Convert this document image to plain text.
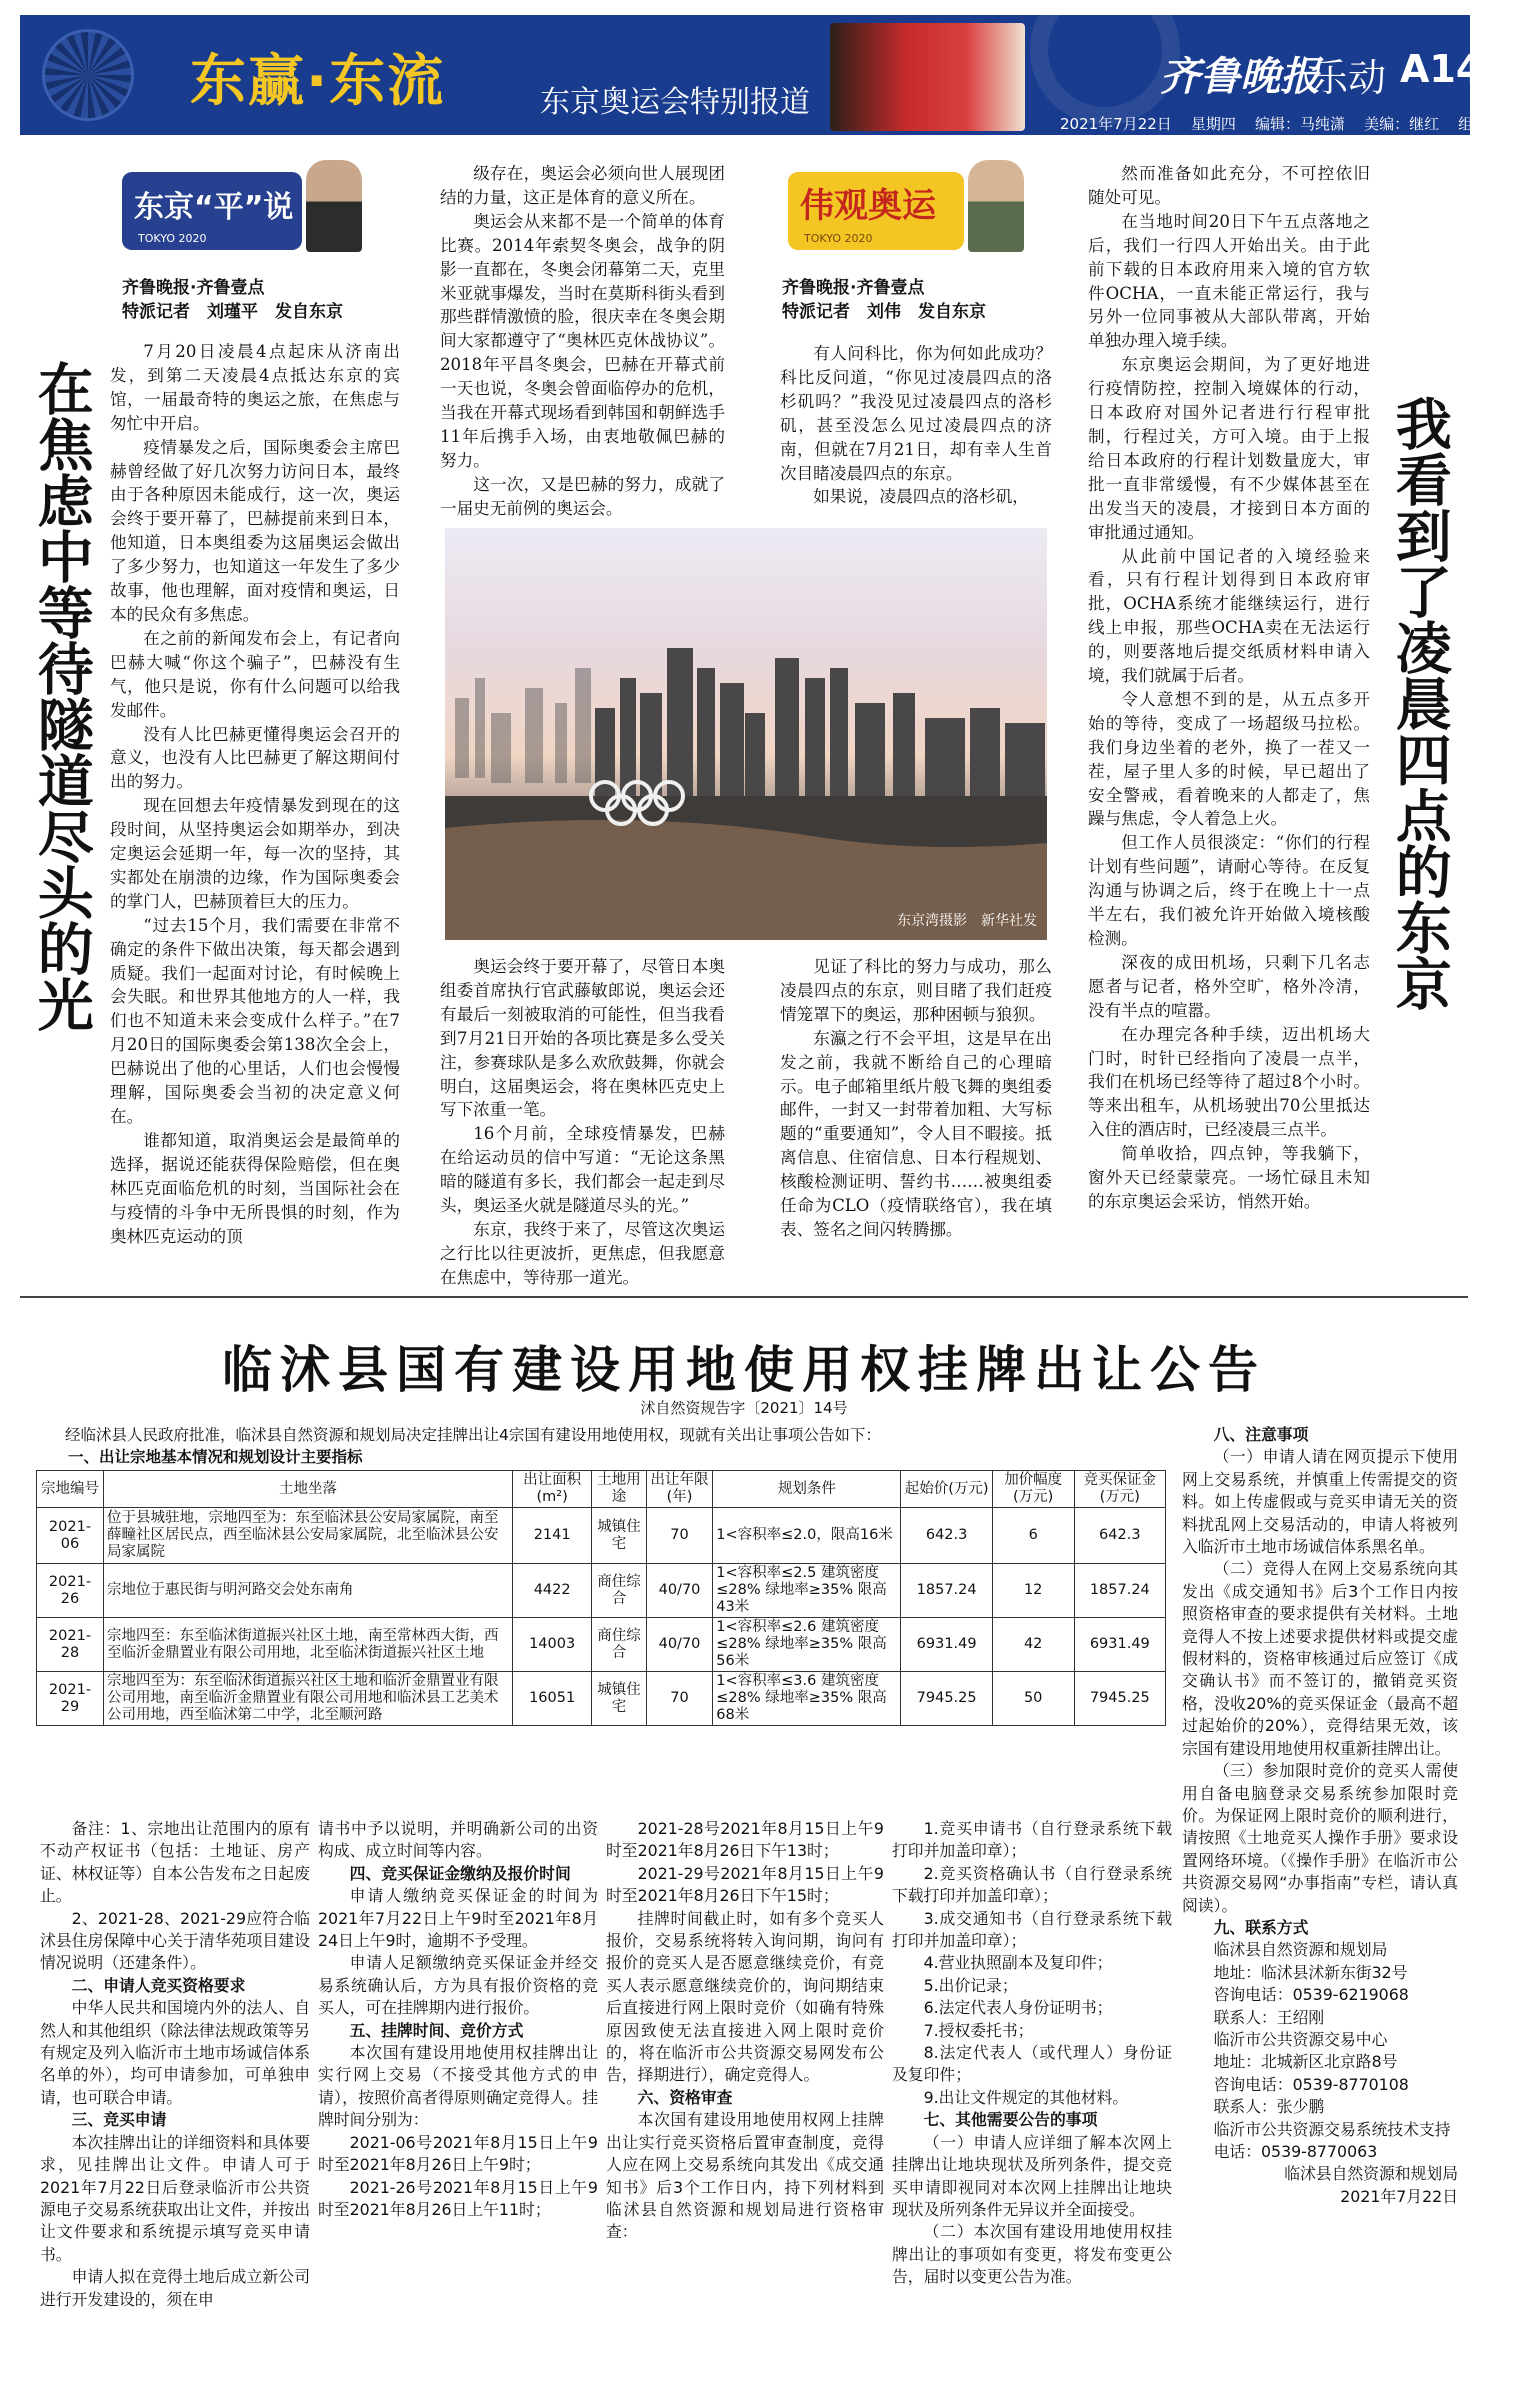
东赢·东流	东京奥运会特别报道
齐鲁晚报
乐动 A14
2021年7月22日 星期四 编辑：马纯潇 美编：继红 组版：洛菁
东京“平”说
TOKYO 2020
齐鲁晚报·齐鲁壹点
特派记者　刘瑾平　发自东京
在焦虑中等待隧道尽头的光

7月20日凌晨4点起床从济南出发，到第二天凌晨4点抵达东京的宾馆，一届最奇特的奥运之旅，在焦虑与匆忙中开启。

疫情暴发之后，国际奥委会主席巴赫曾经做了好几次努力访问日本，最终由于各种原因未能成行，这一次，奥运会终于要开幕了，巴赫提前来到日本，他知道，日本奥组委为这届奥运会做出了多少努力，也知道这一年发生了多少故事，他也理解，面对疫情和奥运，日本的民众有多焦虑。

在之前的新闻发布会上，有记者向巴赫大喊“你这个骗子”，巴赫没有生气，他只是说，你有什么问题可以给我发邮件。

没有人比巴赫更懂得奥运会召开的意义，也没有人比巴赫更了解这期间付出的努力。

现在回想去年疫情暴发到现在的这段时间，从坚持奥运会如期举办，到决定奥运会延期一年，每一次的坚持，其实都处在崩溃的边缘，作为国际奥委会的掌门人，巴赫顶着巨大的压力。

“过去15个月，我们需要在非常不确定的条件下做出决策，每天都会遇到质疑。我们一起面对讨论，有时候晚上会失眠。和世界其他地方的人一样，我们也不知道未来会变成什么样子。”在7月20日的国际奥委会第138次全会上，巴赫说出了他的心里话，人们也会慢慢理解，国际奥委会当初的决定意义何在。

谁都知道，取消奥运会是最简单的选择，据说还能获得保险赔偿，但在奥林匹克面临危机的时刻，当国际社会在与疫情的斗争中无所畏惧的时刻，作为奥林匹克运动的顶

级存在，奥运会必须向世人展现团结的力量，这正是体育的意义所在。

奥运会从来都不是一个简单的体育比赛。2014年索契冬奥会，战争的阴影一直都在，冬奥会闭幕第二天，克里米亚就事爆发，当时在莫斯科街头看到那些群情激愤的脸，很庆幸在冬奥会期间大家都遵守了“奥林匹克休战协议”。2018年平昌冬奥会，巴赫在开幕式前一天也说，冬奥会曾面临停办的危机，当我在开幕式现场看到韩国和朝鲜选手11年后携手入场，由衷地敬佩巴赫的努力。

这一次，又是巴赫的努力，成就了一届史无前例的奥运会。

奥运会终于要开幕了，尽管日本奥组委首席执行官武藤敏郎说，奥运会还有最后一刻被取消的可能性，但当我看到7月21日开始的各项比赛是多么受关注，参赛球队是多么欢欣鼓舞，你就会明白，这届奥运会，将在奥林匹克史上写下浓重一笔。

16个月前，全球疫情暴发，巴赫在给运动员的信中写道：“无论这条黑暗的隧道有多长，我们都会一起走到尽头，奥运圣火就是隧道尽头的光。”

东京，我终于来了，尽管这次奥运之行比以往更波折，更焦虑，但我愿意在焦虑中，等待那一道光。

东京湾摄影　新华社发
伟观奥运
TOKYO 2020
齐鲁晚报·齐鲁壹点
特派记者　刘伟　发自东京
我看到了凌晨四点的东京

有人问科比，你为何如此成功？科比反问道，“你见过凌晨四点的洛杉矶吗？”我没见过凌晨四点的洛杉矶，甚至没怎么见过凌晨四点的济南，但就在7月21日，却有幸人生首次目睹凌晨四点的东京。

如果说，凌晨四点的洛杉矶，

见证了科比的努力与成功，那么凌晨四点的东京，则目睹了我们赶疫情笼罩下的奥运，那种困顿与狼狈。

东瀛之行不会平坦，这是早在出发之前，我就不断给自己的心理暗示。电子邮箱里纸片般飞舞的奥组委邮件，一封又一封带着加粗、大写标题的“重要通知”，令人目不暇接。抵离信息、住宿信息、日本行程规划、核酸检测证明、誓约书……被奥组委任命为CLO（疫情联络官），我在填表、签名之间闪转腾挪。

然而准备如此充分，不可控依旧随处可见。

在当地时间20日下午五点落地之后，我们一行四人开始出关。由于此前下载的日本政府用来入境的官方软件OCHA，一直未能正常运行，我与另外一位同事被从大部队带离，开始单独办理入境手续。

东京奥运会期间，为了更好地进行疫情防控，控制入境媒体的行动，日本政府对国外记者进行行程审批制，行程过关，方可入境。由于上报给日本政府的行程计划数量庞大，审批一直非常缓慢，有不少媒体甚至在出发当天的凌晨，才接到日本方面的审批通过通知。

从此前中国记者的入境经验来看，只有行程计划得到日本政府审批，OCHA系统才能继续运行，进行线上申报，那些OCHA卖在无法运行的，则要落地后提交纸质材料申请入境，我们就属于后者。

令人意想不到的是，从五点多开始的等待，变成了一场超级马拉松。我们身边坐着的老外，换了一茬又一茬，屋子里人多的时候，早已超出了安全警戒，看着晚来的人都走了，焦躁与焦虑，令人着急上火。

但工作人员很淡定：“你们的行程计划有些问题”，请耐心等待。在反复沟通与协调之后，终于在晚上十一点半左右，我们被允许开始做入境核酸检测。

深夜的成田机场，只剩下几名志愿者与记者，格外空旷，格外冷清，没有半点的喧嚣。

在办理完各种手续，迈出机场大门时，时针已经指向了凌晨一点半，我们在机场已经等待了超过8个小时。等来出租车，从机场驶出70公里抵达入住的酒店时，已经凌晨三点半。

简单收拾，四点钟，等我躺下，窗外天已经蒙蒙亮。一场忙碌且未知的东京奥运会采访，悄然开始。

临沭县国有建设用地使用权挂牌出让公告
沭自然资规告字〔2021〕14号
经临沭县人民政府批准，临沭县自然资源和规划局决定挂牌出让4宗国有建设用地使用权，现就有关出让事项公告如下：
一、出让宗地基本情况和规划设计主要指标
宗地编号	土地坐落	出让面积(m²)	土地用途	出让年限(年)	规划条件	起始价(万元)	加价幅度(万元)	竞买保证金(万元)
2021-06	位于县城驻地，宗地四至为：东至临沭县公安局家属院，南至薛疃社区居民点，西至临沭县公安局家属院，北至临沭县公安局家属院	2141	城镇住宅	70	1<容积率≤2.0，限高16米	642.3	6	642.3
2021-26	宗地位于惠民街与明河路交会处东南角	4422	商住综合	40/70	1<容积率≤2.5 建筑密度≤28% 绿地率≥35% 限高43米	1857.24	12	1857.24
2021-28	宗地四至：东至临沭街道振兴社区土地，南至常林西大街，西至临沂金鼎置业有限公司用地，北至临沭街道振兴社区土地	14003	商住综合	40/70	1<容积率≤2.6 建筑密度≤28% 绿地率≥35% 限高56米	6931.49	42	6931.49
2021-29	宗地四至为：东至临沭街道振兴社区土地和临沂金鼎置业有限公司用地，南至临沂金鼎置业有限公司用地和临沭县工艺美术公司用地，西至临沭第二中学，北至顺河路	16051	城镇住宅	70	1<容积率≤3.6 建筑密度≤28% 绿地率≥35% 限高68米	7945.25	50	7945.25

备注：1、宗地出让范围内的原有不动产权证书（包括：土地证、房产证、林权证等）自本公告发布之日起废止。

2、2021-28、2021-29应符合临沭县住房保障中心关于清华苑项目建设情况说明（还建条件）。

二、申请人竞买资格要求

中华人民共和国境内外的法人、自然人和其他组织（除法律法规政策等另有规定及列入临沂市土地市场诚信体系名单的外），均可申请参加，可单独申请，也可联合申请。

三、竞买申请

本次挂牌出让的详细资料和具体要求，见挂牌出让文件。申请人可于2021年7月22日后登录临沂市公共资源电子交易系统获取出让文件，并按出让文件要求和系统提示填写竞买申请书。

申请人拟在竞得土地后成立新公司进行开发建设的，须在申

请书中予以说明，并明确新公司的出资构成、成立时间等内容。

四、竞买保证金缴纳及报价时间

申请人缴纳竞买保证金的时间为2021年7月22日上午9时至2021年8月24日上午9时，逾期不予受理。

申请人足额缴纳竞买保证金并经交易系统确认后，方为具有报价资格的竞买人，可在挂牌期内进行报价。

五、挂牌时间、竞价方式

本次国有建设用地使用权挂牌出让实行网上交易（不接受其他方式的申请），按照价高者得原则确定竞得人。挂牌时间分别为：

2021-06号2021年8月15日上午9时至2021年8月26日上午9时；

2021-26号2021年8月15日上午9时至2021年8月26日上午11时；

2021-28号2021年8月15日上午9时至2021年8月26日下午13时；

2021-29号2021年8月15日上午9时至2021年8月26日下午15时；

挂牌时间截止时，如有多个竞买人报价，交易系统将转入询问期，询问有报价的竞买人是否愿意继续竞价，有竞买人表示愿意继续竞价的，询问期结束后直接进行网上限时竞价（如确有特殊原因致使无法直接进入网上限时竞价的，将在临沂市公共资源交易网发布公告，择期进行），确定竞得人。

六、资格审查

本次国有建设用地使用权网上挂牌出让实行竞买资格后置审查制度，竞得人应在网上交易系统向其发出《成交通知书》后3个工作日内，持下列材料到临沭县自然资源和规划局进行资格审查：

1.竞买申请书（自行登录系统下载打印并加盖印章）；

2.竞买资格确认书（自行登录系统下载打印并加盖印章）；

3.成交通知书（自行登录系统下载打印并加盖印章）；

4.营业执照副本及复印件；

5.出价记录；

6.法定代表人身份证明书；

7.授权委托书；

8.法定代表人（或代理人）身份证及复印件；

9.出让文件规定的其他材料。

七、其他需要公告的事项

（一）申请人应详细了解本次网上挂牌出让地块现状及所列条件，提交竞买申请即视同对本次网上挂牌出让地块现状及所列条件无异议并全面接受。

（二）本次国有建设用地使用权挂牌出让的事项如有变更，将发布变更公告，届时以变更公告为准。

八、注意事项

（一）申请人请在网页提示下使用网上交易系统，并慎重上传需提交的资料。如上传虚假或与竞买申请无关的资料扰乱网上交易活动的，申请人将被列入临沂市土地市场诚信体系黑名单。

（二）竞得人在网上交易系统向其发出《成交通知书》后3个工作日内按照资格审查的要求提供有关材料。土地竞得人不按上述要求提供材料或提交虚假材料的，资格审核通过后应签订《成交确认书》而不签订的，撤销竞买资格，没收20%的竞买保证金（最高不超过起始价的20%），竞得结果无效，该宗国有建设用地使用权重新挂牌出让。

（三）参加限时竞价的竞买人需使用自备电脑登录交易系统参加限时竞价。为保证网上限时竞价的顺利进行，请按照《土地竞买人操作手册》要求设置网络环境。（《操作手册》在临沂市公共资源交易网“办事指南”专栏，请认真阅读）。

九、联系方式

临沭县自然资源和规划局

地址：临沭县沭新东街32号

咨询电话：0539-6219068

联系人：王绍刚

临沂市公共资源交易中心

地址：北城新区北京路8号

咨询电话：0539-8770108

联系人：张少鹏

临沂市公共资源交易系统技术支持

电话：0539-8770063

临沭县自然资源和规划局

2021年7月22日
